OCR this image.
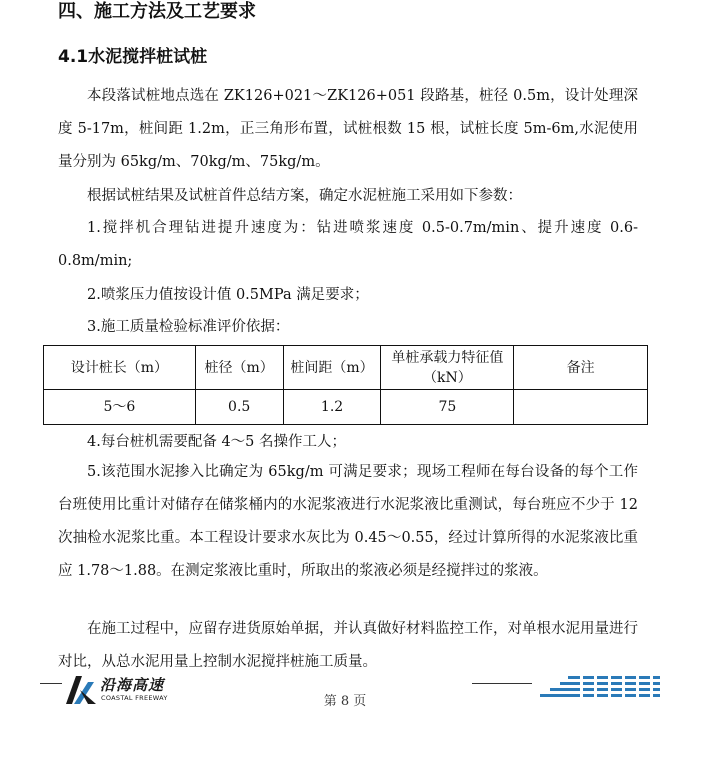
四、施工方法及工艺要求
4.1水泥搅拌桩试桩

本段落试桩地点选在 ZK126+021～ZK126+051 段路基，桩径 0.5m，设计处理深度 5-17m，桩间距 1.2m，正三角形布置，试桩根数 15 根，试桩长度 5m-6m,水泥使用量分别为 65kg/m、70kg/m、75kg/m。

根据试桩结果及试桩首件总结方案，确定水泥桩施工采用如下参数：

1.搅拌机合理钻进提升速度为：钻进喷浆速度 0.5-0.7m/min、提升速度 0.6-0.8m/min;

2.喷浆压力值按设计值 0.5MPa 满足要求；

3.施工质量检验标准评价依据：

设计桩长（m）	桩径（m）	桩间距（m）	单桩承载力特征值（kN）	备注
5～6	0.5	1.2	75	

4.每台桩机需要配备 4～5 名操作工人；

5.该范围水泥掺入比确定为 65kg/m 可满足要求；现场工程师在每台设备的每个工作台班使用比重计对储存在储浆桶内的水泥浆液进行水泥浆液比重测试，每台班应不少于 12 次抽检水泥浆比重。本工程设计要求水灰比为 0.45～0.55，经过计算所得的水泥浆液比重应 1.78～1.88。在测定浆液比重时，所取出的浆液必须是经搅拌过的浆液。

在施工过程中，应留存进货原始单据，并认真做好材料监控工作，对单根水泥用量进行对比，从总水泥用量上控制水泥搅拌桩施工质量。

沿海高速
COASTAL FREEWAY	第 8 页
